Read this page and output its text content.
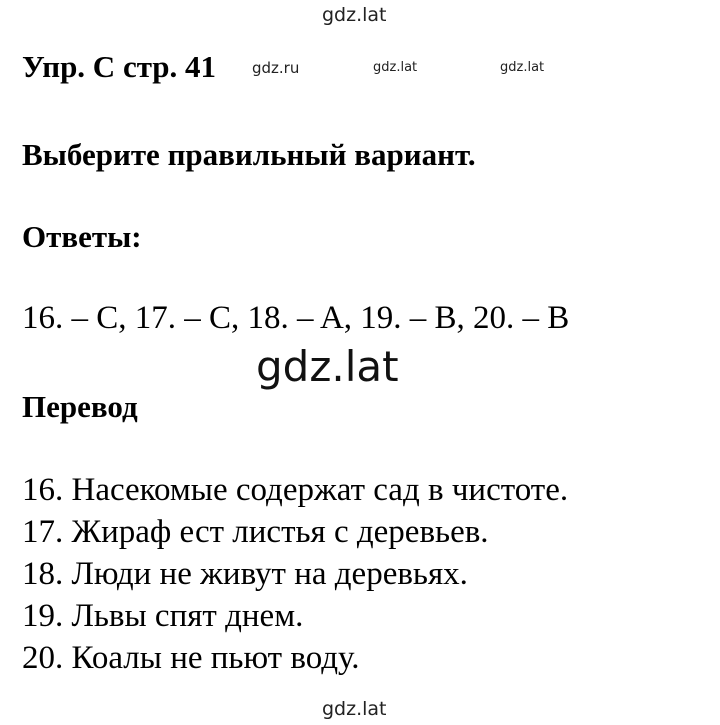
gdz.lat
Упр. С стр. 41 gdz.ru	gdz.lat	gdz.lat
Выберите правильный вариант.
Ответы:
16. – C, 17. – C, 18. – A, 19. – B, 20. – B
gdz.lat
Перевод
16. Насекомые содержат сад в чистоте.
17. Жираф ест листья с деревьев.
18. Люди не живут на деревьях.
19. Львы спят днем.
20. Коалы не пьют воду.
gdz.lat
